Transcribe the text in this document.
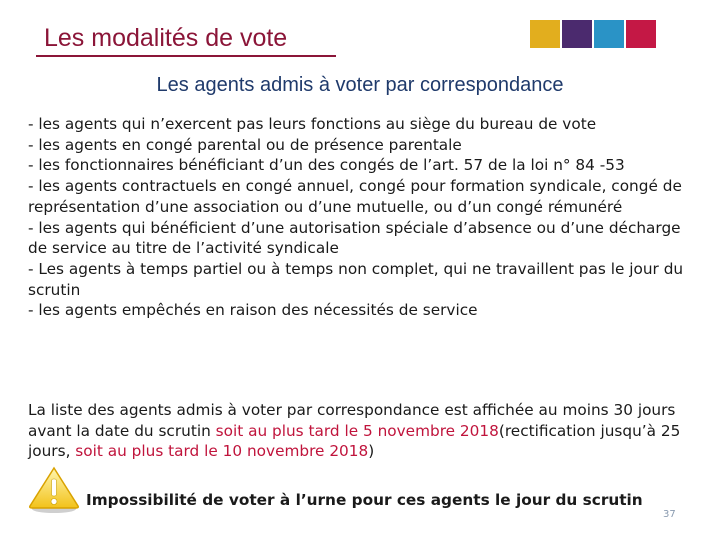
Les modalités de vote
Les agents admis à voter par correspondance

- les agents qui n’exercent pas leurs fonctions au siège du bureau de vote

- les agents en congé parental ou de présence parentale

- les fonctionnaires bénéficiant d’un des congés de l’art. 57 de la loi n° 84 -53

- les agents contractuels en congé annuel, congé pour formation syndicale, congé de représentation d’une association ou d’une mutuelle, ou d’un congé rémunéré

- les agents qui bénéficient d’une autorisation spéciale d’absence ou d’une décharge de service au titre de l’activité syndicale

- Les agents à temps partiel ou à temps non complet, qui ne travaillent pas le jour du scrutin

- les agents empêchés en raison des nécessités de service

La liste des agents admis à voter par correspondance est affichée au moins 30 jours avant la date du scrutin soit au plus tard le 5 novembre 2018(rectification jusqu’à 25 jours, soit au plus tard le 10 novembre 2018)
Impossibilité de voter à l’urne pour ces agents le jour du scrutin
37
